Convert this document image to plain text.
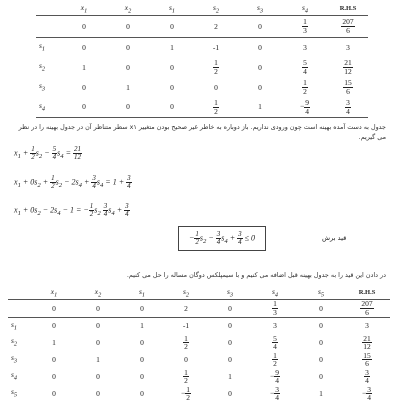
	$x_1$	$x_2$	$s_1$	$s_2$	$s_3$	$s_4$	R.H.S
	0	0	0	2	0	$\frac{1}{3}$	$\frac{207}{6}$

$s_1$	0	0	1	-1	0	3	3
$s_2$	1	0	0	$\frac{1}{2}$	0	$\frac{5}{4}$	$\frac{21}{12}$

$s_3$	0	1	0	0	0	$\frac{1}{2}$	$\frac{15}{6}$

$s_4$	0	0	0	$\frac{1}{2}$	1	− $\frac{9}{4}$	$\frac{3}{4}$
جدول به دست آمده بهینه است چون ورودی نداریم. باز دوباره به خاطر غیر صحیح بودن متغییر x۱ سطر متناظر آن در جدول بهینه را در نظر می گیریم.
$x_1 + \frac{1}{2} s_2 - \frac{5}{4} s_4 = \frac{21}{12}$
$x_1 + 0s_2 + \frac{1}{2} s_2 - 2s_4 + \frac{3}{4} s_4 = 1 + \frac{3}{4}$
$x_1 + 0s_2 - 2s_4 - 1$ = − $\frac{1}{2} s_2 \frac{3}{4} s_4 + \frac{3}{4}$
− $\frac{1}{2} s_2 - \frac{3}{4} s_4 + \frac{3}{4} \le 0$	قید برش
در دادن این قید را به جدول بهینه قبل اضافه می کنیم و با سیمپلکس دوگان مساله را حل می کنیم.
	$x_1$	$x_2$	$s_1$	$s_2$	$s_3$	$s_4$	$s_5$	R.H.S
	0	0	0	2	0	$\frac{1}{3}$	0	$\frac{207}{6}$

$s_1$	0	0	1	-1	0	3	0	3
$s_2$	1	0	0	$\frac{1}{2}$	0	$\frac{5}{4}$	0	$\frac{21}{12}$

$s_3$	0	1	0	0	0	$\frac{1}{2}$	0	$\frac{15}{6}$

$s_4$	0	0	0	$\frac{1}{2}$	1	− $\frac{9}{4}$	0	$\frac{3}{4}$

$s_5$	0	0	0	− $\frac{1}{2}$	0	− $\frac{3}{4}$	1	− $\frac{3}{4}$
